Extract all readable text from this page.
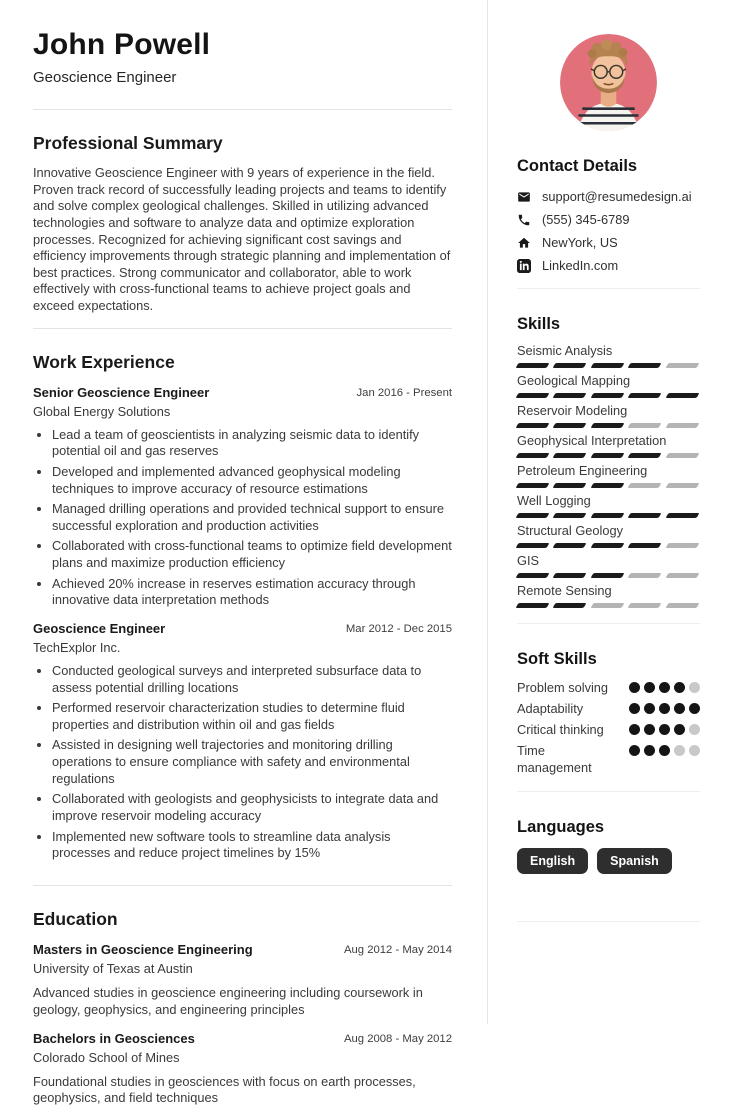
John Powell
Geoscience Engineer
Professional Summary

Innovative Geoscience Engineer with 9 years of experience in the field. Proven track record of successfully leading projects and teams to identify and solve complex geological challenges. Skilled in utilizing advanced technologies and software to analyze data and optimize exploration processes. Recognized for achieving significant cost savings and efficiency improvements through strategic planning and implementation of best practices. Strong communicator and collaborator, able to work effectively with cross-functional teams to achieve project goals and exceed expectations.

Work Experience
Senior Geoscience Engineer	Jan 2016 - Present
Global Energy Solutions
• Lead a team of geoscientists in analyzing seismic data to identify potential oil and gas reserves
• Developed and implemented advanced geophysical modeling techniques to improve accuracy of resource estimations
• Managed drilling operations and provided technical support to ensure successful exploration and production activities
• Collaborated with cross-functional teams to optimize field development plans and maximize production efficiency
• Achieved 20% increase in reserves estimation accuracy through innovative data interpretation methods
Geoscience Engineer	Mar 2012 - Dec 2015
TechExplor Inc.
• Conducted geological surveys and interpreted subsurface data to assess potential drilling locations
• Performed reservoir characterization studies to determine fluid properties and distribution within oil and gas fields
• Assisted in designing well trajectories and monitoring drilling operations to ensure compliance with safety and environmental regulations
• Collaborated with geologists and geophysicists to integrate data and improve reservoir modeling accuracy
• Implemented new software tools to streamline data analysis processes and reduce project timelines by 15%
Education
Masters in Geoscience Engineering	Aug 2012 - May 2014
University of Texas at Austin

Advanced studies in geoscience engineering including coursework in geology, geophysics, and engineering principles

Bachelors in Geosciences	Aug 2008 - May 2012
Colorado School of Mines

Foundational studies in geosciences with focus on earth processes, geophysics, and field techniques

Contact Details
support@resumedesign.ai
(555) 345-6789
NewYork, US
LinkedIn.com
Skills
Seismic Analysis
Geological Mapping
Reservoir Modeling
Geophysical Interpretation
Petroleum Engineering
Well Logging
Structural Geology
GIS
Remote Sensing
Soft Skills
Problem solving
Adaptability
Critical thinking
Time management
Languages
English	Spanish
